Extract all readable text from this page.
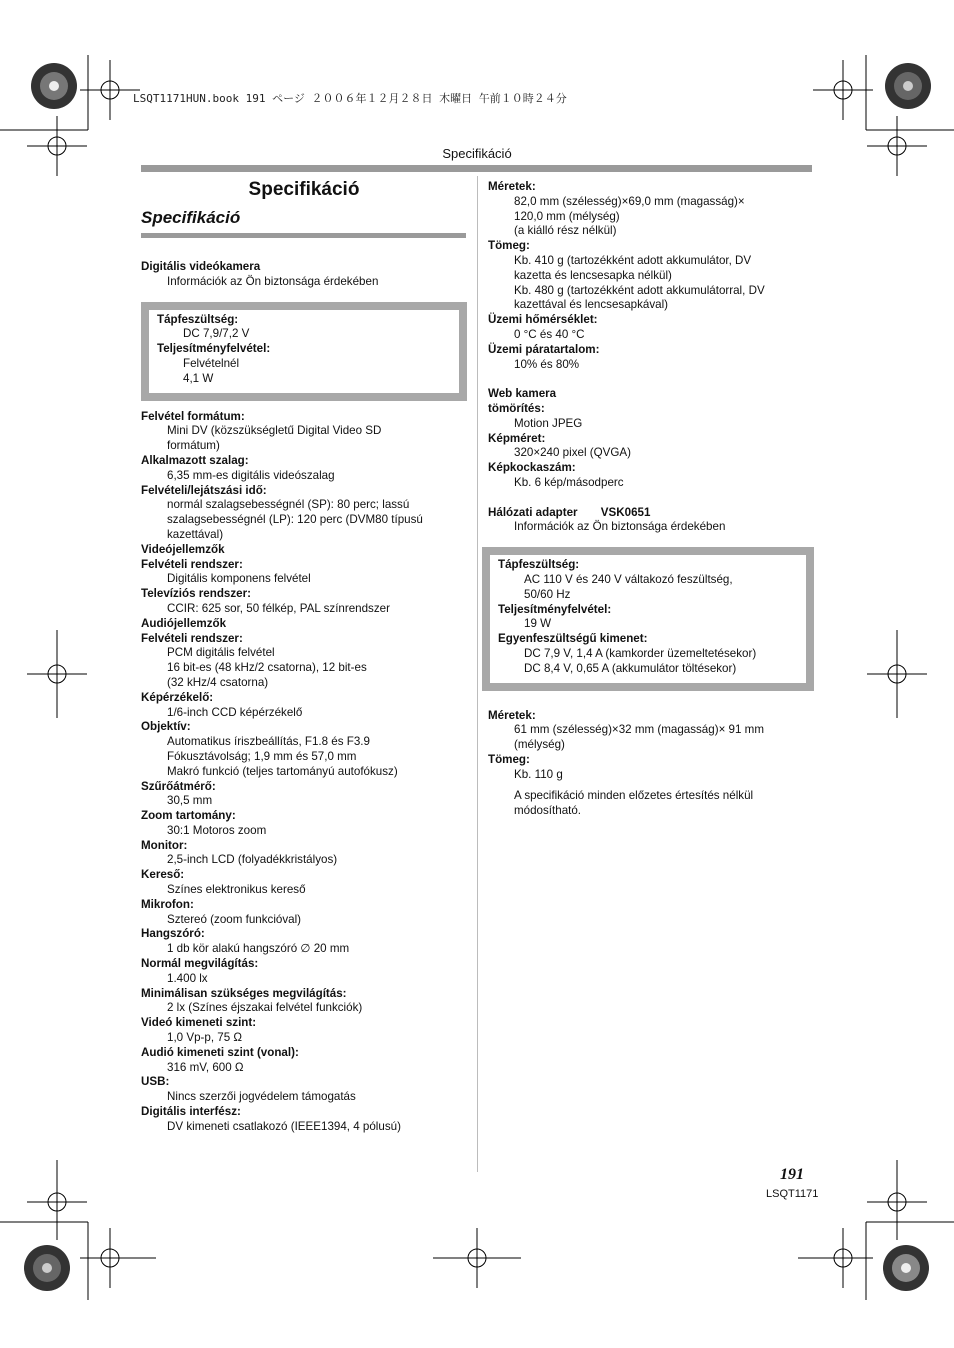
LSQT1171HUN.book 191 ページ ２００６年１２月２８日 木曜日 午前１０時２４分
Specifikáció
Specifikáció
Specifikáció
Digitális videókamera
Információk az Ön biztonsága érdekében
Tápfeszültség:
DC 7,9/7,2 V
Teljesítményfelvétel:
Felvételnél
4,1 W
Felvétel formátum:
Mini DV (közszükségletű Digital Video SD
formátum)
Alkalmazott szalag:
6,35 mm-es digitális videószalag
Felvételi/lejátszási idő:
normál szalagsebességnél (SP): 80 perc; lassú
szalagsebességnél (LP): 120 perc (DVM80 típusú
kazettával)
Videójellemzők
Felvételi rendszer:
Digitális komponens felvétel
Televíziós rendszer:
CCIR: 625 sor, 50 félkép, PAL színrendszer
Audiójellemzők
Felvételi rendszer:
PCM digitális felvétel
16 bit-es (48 kHz/2 csatorna), 12 bit-es
(32 kHz/4 csatorna)
Képérzékelő:
1/6-inch CCD képérzékelő
Objektív:
Automatikus íriszbeállítás, F1.8 és F3.9
Fókusztávolság; 1,9 mm és 57,0 mm
Makró funkció (teljes tartományú autofókusz)
Szűrőátmérő:
30,5 mm
Zoom tartomány:
30:1 Motoros zoom
Monitor:
2,5-inch LCD (folyadékkristályos)
Kereső:
Színes elektronikus kereső
Mikrofon:
Sztereó (zoom funkcióval)
Hangszóró:
1 db kör alakú hangszóró ∅ 20 mm
Normál megvilágítás:
1.400 lx
Minimálisan szükséges megvilágítás:
2 lx (Színes éjszakai felvétel funkciók)
Videó kimeneti szint:
1,0 Vp-p, 75 Ω
Audió kimeneti szint (vonal):
316 mV, 600 Ω
USB:
Nincs szerzői jogvédelem támogatás
Digitális interfész:
DV kimeneti csatlakozó (IEEE1394, 4 pólusú)
Méretek:
82,0 mm (szélesség)×69,0 mm (magasság)×
120,0 mm (mélység)
(a kiálló rész nélkül)
Tömeg:
Kb. 410 g (tartozékként adott akkumulátor, DV
kazetta és lencsesapka nélkül)
Kb. 480 g (tartozékként adott akkumulátorral, DV
kazettával és lencsesapkával)
Üzemi hőmérséklet:
0 °C és 40 °C
Üzemi páratartalom:
10% és 80%
Web kamera
tömörítés:
Motion JPEG
Képméret:
320×240 pixel (QVGA)
Képkockaszám:
Kb. 6 kép/másodperc
Hálózati adapter VSK0651
Információk az Ön biztonsága érdekében
Tápfeszültség:
AC 110 V és 240 V váltakozó feszültség,
50/60 Hz
Teljesítményfelvétel:
19 W
Egyenfeszültségű kimenet:
DC 7,9 V, 1,4 A (kamkorder üzemeltetésekor)
DC 8,4 V, 0,65 A (akkumulátor töltésekor)
Méretek:
61 mm (szélesség)×32 mm (magasság)× 91 mm
(mélység)
Tömeg:
Kb. 110 g
A specifikáció minden előzetes értesítés nélkül
módosítható.
191
LSQT1171
